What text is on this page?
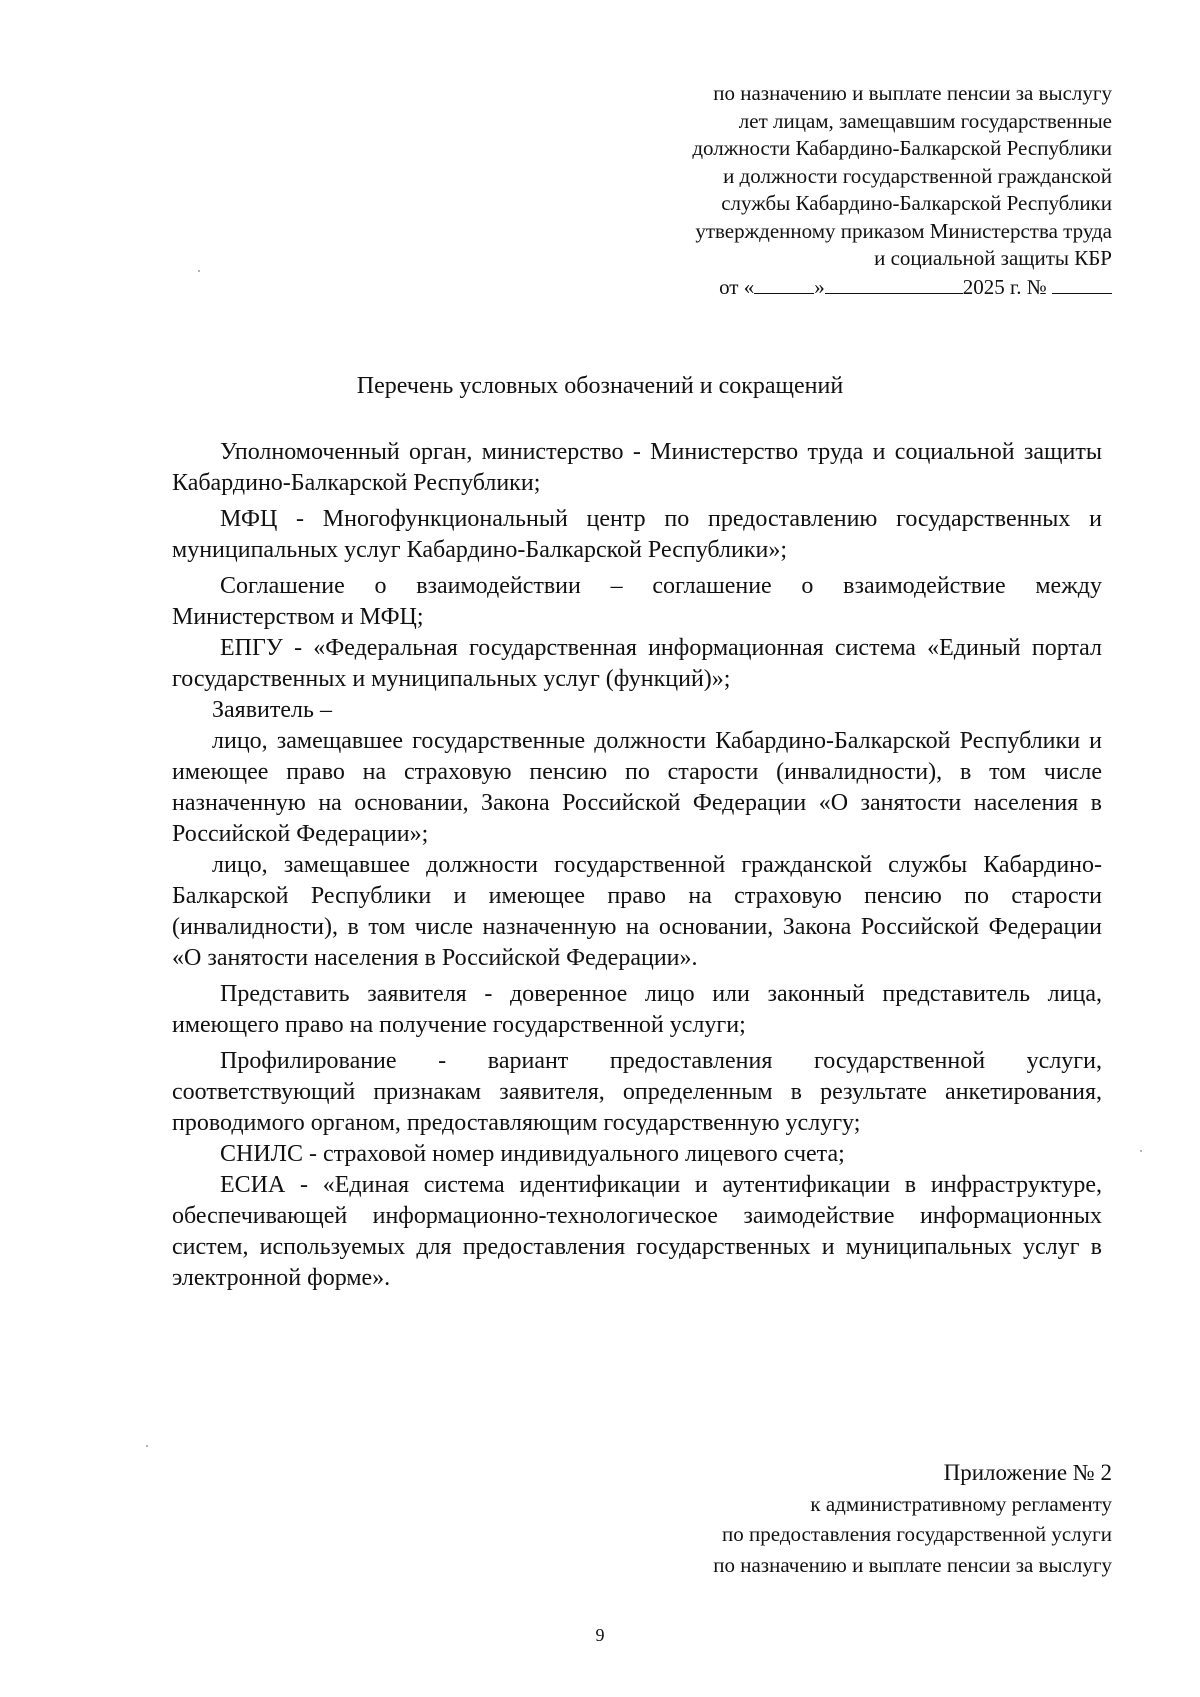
по назначению и выплате пенсии за выслугу
лет лицам, замещавшим государственные
должности Кабардино-Балкарской Республики
и должности государственной гражданской
службы Кабардино-Балкарской Республики
утвержденному приказом Министерства труда
и социальной защиты КБР
от «	»	2025 г. №
Перечень условных обозначений и сокращений

Уполномоченный орган, министерство - Министерство труда и социальной защиты Кабардино-Балкарской Республики;

МФЦ - Многофункциональный центр по предоставлению государственных и муниципальных услуг Кабардино-Балкарской Республики»;

Соглашение о взаимодействии – соглашение о взаимодействие между Министерством и МФЦ;

ЕПГУ - «Федеральная государственная информационная система «Единый портал государственных и муниципальных услуг (функций)»;

Заявитель –

лицо, замещавшее государственные должности Кабардино-Балкарской Республики и имеющее право на страховую пенсию по старости (инвалидности), в том числе назначенную на основании, Закона Российской Федерации «О занятости населения в Российской Федерации»;

лицо, замещавшее должности государственной гражданской службы Кабардино-Балкарской Республики и имеющее право на страховую пенсию по старости (инвалидности), в том числе назначенную на основании, Закона Российской Федерации «О занятости населения в Российской Федерации».

Представить заявителя - доверенное лицо или законный представитель лица, имеющего право на получение государственной услуги;

Профилирование - вариант предоставления государственной услуги, соответствующий признакам заявителя, определенным в результате анкетирования, проводимого органом, предоставляющим государственную услугу;

СНИЛС - страховой номер индивидуального лицевого счета;

ЕСИА - «Единая система идентификации и аутентификации в инфраструктуре, обеспечивающей информационно-технологическое заимодействие информационных систем, используемых для предоставления государственных и муниципальных услуг в электронной форме».

Приложение № 2
к административному регламенту
по предоставления государственной услуги
по назначению и выплате пенсии за выслугу
9
